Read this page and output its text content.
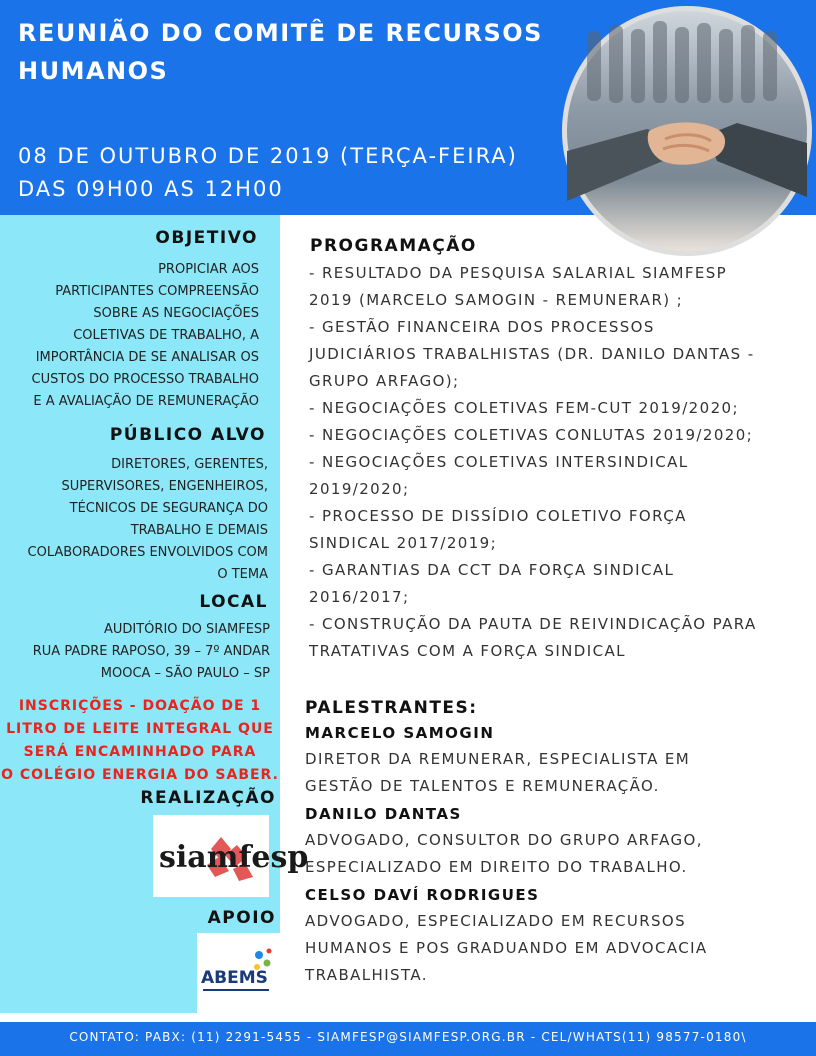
REUNIÃO DO COMITÊ DE RECURSOS
HUMANOS
08 DE OUTUBRO DE 2019 (TERÇA-FEIRA)
DAS 09H00 AS 12H00
OBJETIVO
PROPICIAR AOS
PARTICIPANTES COMPREENSÃO
SOBRE AS NEGOCIAÇÕES
COLETIVAS DE TRABALHO, A
IMPORTÂNCIA DE SE ANALISAR OS
CUSTOS DO PROCESSO TRABALHO
E A AVALIAÇÃO DE REMUNERAÇÃO
PÚBLICO ALVO
DIRETORES, GERENTES,
SUPERVISORES, ENGENHEIROS,
TÉCNICOS DE SEGURANÇA DO
TRABALHO E DEMAIS
COLABORADORES ENVOLVIDOS COM
O TEMA
LOCAL
AUDITÓRIO DO SIAMFESP
RUA PADRE RAPOSO, 39 – 7º ANDAR
MOOCA – SÃO PAULO – SP
INSCRIÇÕES - DOAÇÃO DE 1
LITRO DE LEITE INTEGRAL QUE
SERÁ ENCAMINHADO PARA
O COLÉGIO ENERGIA DO SABER.
REALIZAÇÃO
siamfesp
APOIO
ABEMS
PROGRAMAÇÃO
- RESULTADO DA PESQUISA SALARIAL SIAMFESP
2019 (MARCELO SAMOGIN - REMUNERAR) ;
- GESTÃO FINANCEIRA DOS PROCESSOS
JUDICIÁRIOS TRABALHISTAS (DR. DANILO DANTAS -
GRUPO ARFAGO);
- NEGOCIAÇÕES COLETIVAS FEM-CUT 2019/2020;
- NEGOCIAÇÕES COLETIVAS CONLUTAS 2019/2020;
- NEGOCIAÇÕES COLETIVAS INTERSINDICAL
2019/2020;
- PROCESSO DE DISSÍDIO COLETIVO FORÇA
SINDICAL 2017/2019;
- GARANTIAS DA CCT DA FORÇA SINDICAL
2016/2017;
- CONSTRUÇÃO DA PAUTA DE REIVINDICAÇÃO PARA
TRATATIVAS COM A FORÇA SINDICAL
PALESTRANTES:
MARCELO SAMOGIN
DIRETOR DA REMUNERAR, ESPECIALISTA EM
GESTÃO DE TALENTOS E REMUNERAÇÃO.
DANILO DANTAS
ADVOGADO, CONSULTOR DO GRUPO ARFAGO,
ESPECIALIZADO EM DIREITO DO TRABALHO.
CELSO DAVÍ RODRIGUES
ADVOGADO, ESPECIALIZADO EM RECURSOS
HUMANOS E POS GRADUANDO EM ADVOCACIA
TRABALHISTA.
CONTATO: PABX: (11) 2291-5455 - SIAMFESP@SIAMFESP.ORG.BR - CEL/WHATS(11) 98577-0180\
